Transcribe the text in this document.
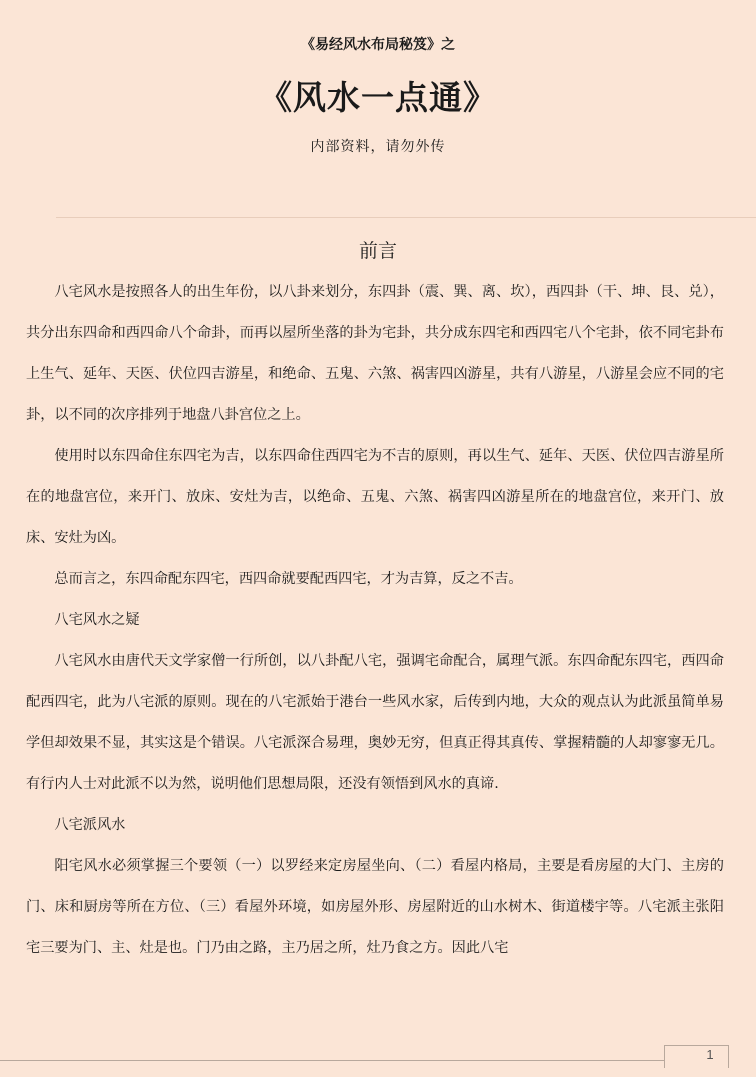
《易经风水布局秘笈》之
《风水一点通》
内部资料，请勿外传
前言

八宅风水是按照各人的出生年份，以八卦来划分，东四卦（震、巽、离、坎），西四卦（干、坤、艮、兑），共分出东四命和西四命八个命卦，而再以屋所坐落的卦为宅卦，共分成东四宅和西四宅八个宅卦，依不同宅卦布上生气、延年、天医、伏位四吉游星，和绝命、五鬼、六煞、祸害四凶游星，共有八游星，八游星会应不同的宅卦，以不同的次序排列于地盘八卦宫位之上。

使用时以东四命住东四宅为吉，以东四命住西四宅为不吉的原则，再以生气、延年、天医、伏位四吉游星所在的地盘宫位，来开门、放床、安灶为吉，以绝命、五鬼、六煞、祸害四凶游星所在的地盘宫位，来开门、放床、安灶为凶。

总而言之，东四命配东四宅，西四命就要配西四宅，才为吉算，反之不吉。

八宅风水之疑

八宅风水由唐代天文学家僧一行所创，以八卦配八宅，强调宅命配合，属理气派。东四命配东四宅，西四命配西四宅，此为八宅派的原则。现在的八宅派始于港台一些风水家，后传到内地，大众的观点认为此派虽简单易学但却效果不显，其实这是个错误。八宅派深合易理，奥妙无穷，但真正得其真传、掌握精髓的人却寥寥无几。有行内人士对此派不以为然，说明他们思想局限，还没有领悟到风水的真谛.

八宅派风水

阳宅风水必须掌握三个要领（一）以罗经来定房屋坐向、（二）看屋内格局，主要是看房屋的大门、主房的门、床和厨房等所在方位、（三）看屋外环境，如房屋外形、房屋附近的山水树木、街道楼宇等。八宅派主张阳宅三要为门、主、灶是也。门乃由之路，主乃居之所，灶乃食之方。因此八宅

1
